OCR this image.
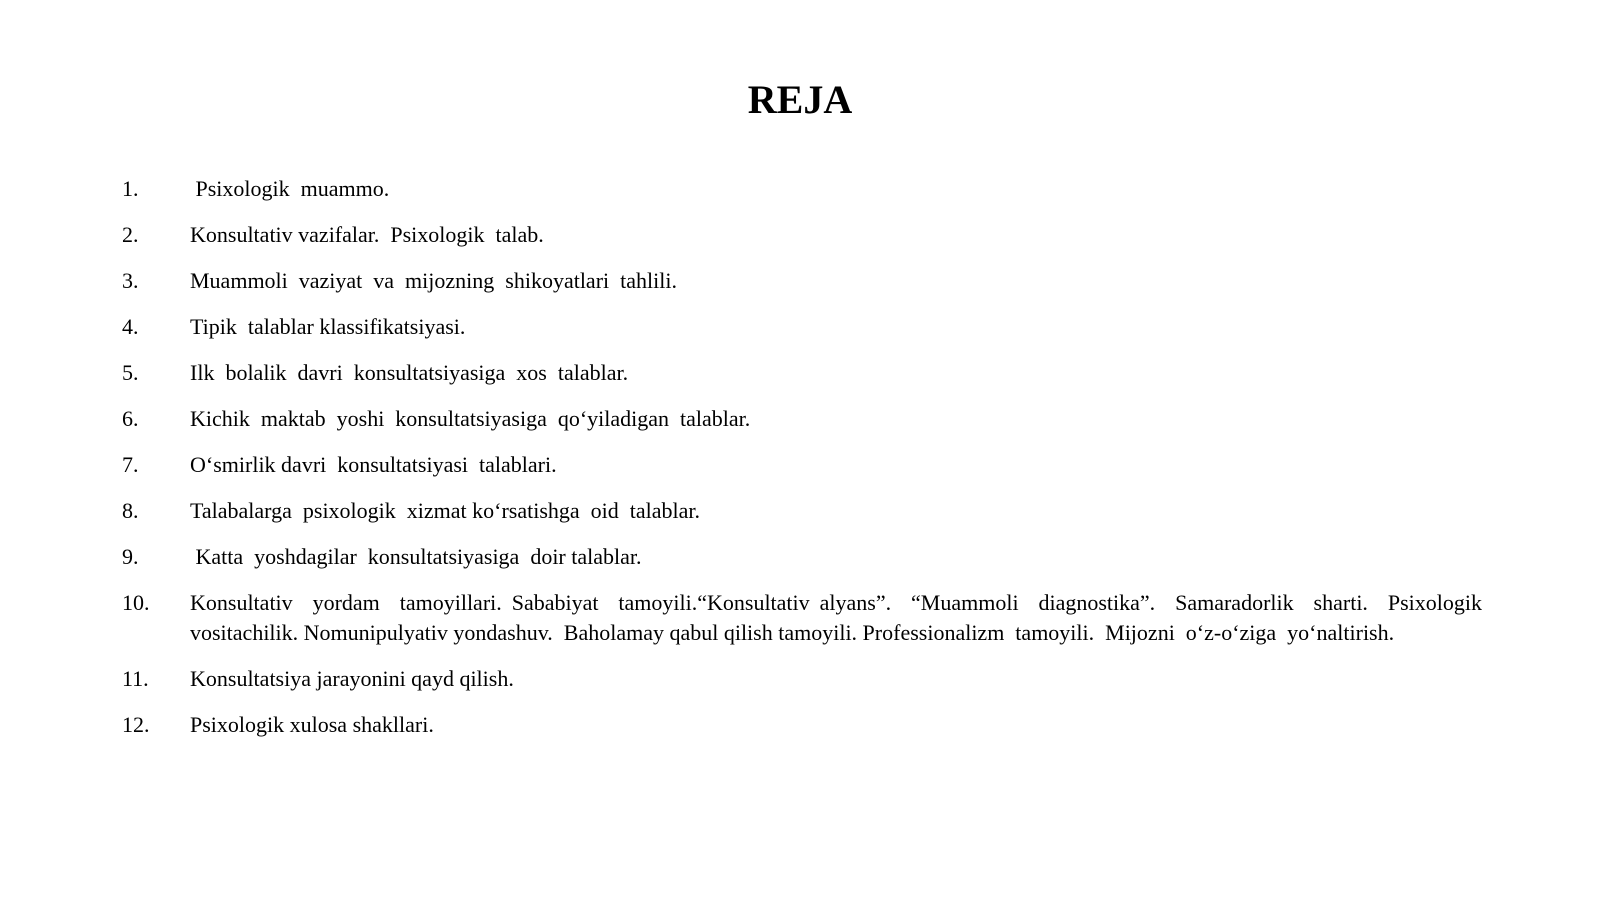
REJA
1.	Psixologik  muammo.
2.	Konsultativ vazifalar.  Psixologik  talab.
3.	Muammoli  vaziyat  va  mijozning  shikoyatlari  tahlili.
4.	Tipik  talablar klassifikatsiyasi.
5.	Ilk  bolalik  davri  konsultatsiyasiga  xos  talablar.
6.	Kichik  maktab  yoshi  konsultatsiyasiga  qo‘yiladigan  talablar.
7.	O‘smirlik davri  konsultatsiyasi  talablari.
8.	Talabalarga  psixologik  xizmat ko‘rsatishga  oid  talablar.
9.	Katta  yoshdagilar  konsultatsiyasiga  doir talablar.
10.	Konsultativ  yordam  tamoyillari. Sababiyat  tamoyili.“Konsultativ alyans”.  “Muammoli  diagnostika”.  Samaradorlik  sharti.  Psixologik vositachilik. Nomunipulyativ yondashuv.  Baholamay qabul qilish tamoyili. Professionalizm  tamoyili.  Mijozni  o‘z-o‘ziga  yo‘naltirish.
11.	Konsultatsiya jarayonini qayd qilish.
12.	Psixologik xulosa shakllari.
